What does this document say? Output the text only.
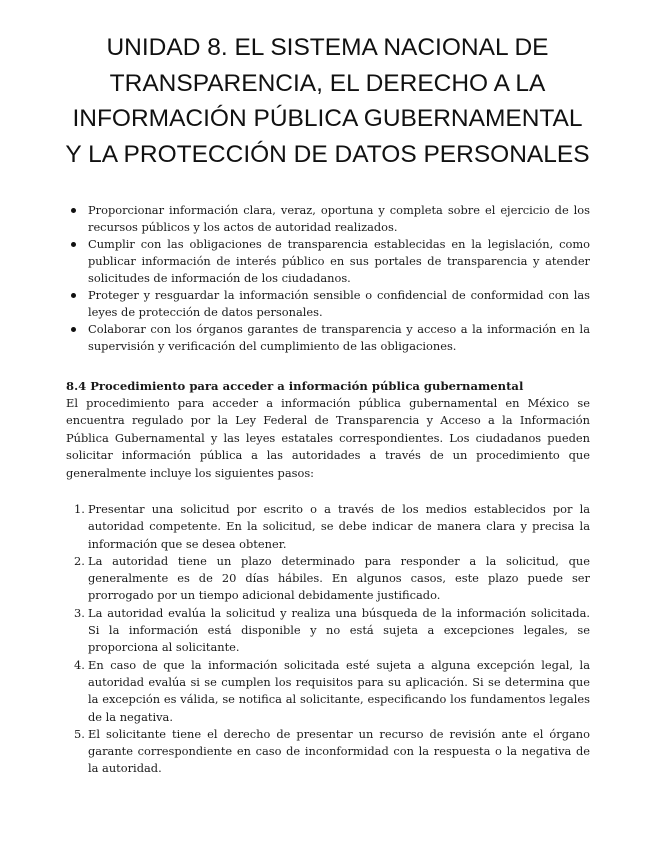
UNIDAD 8. EL SISTEMA NACIONAL DE
TRANSPARENCIA, EL DERECHO A LA
INFORMACIÓN PÚBLICA GUBERNAMENTAL
Y LA PROTECCIÓN DE DATOS PERSONALES
Proporcionar información clara, veraz, oportuna y completa sobre el ejercicio de los recursos públicos y los actos de autoridad realizados.
Cumplir con las obligaciones de transparencia establecidas en la legislación, como publicar información de interés público en sus portales de transparencia y atender solicitudes de información de los ciudadanos.
Proteger y resguardar la información sensible o confidencial de conformidad con las leyes de protección de datos personales.
Colaborar con los órganos garantes de transparencia y acceso a la información en la supervisión y verificación del cumplimiento de las obligaciones.
8.4 Procedimiento para acceder a información pública gubernamental

El procedimiento para acceder a información pública gubernamental en México se encuentra regulado por la Ley Federal de Transparencia y Acceso a la Información Pública Gubernamental y las leyes estatales correspondientes. Los ciudadanos pueden solicitar información pública a las autoridades a través de un procedimiento que generalmente incluye los siguientes pasos:

1. Presentar una solicitud por escrito o a través de los medios establecidos por la autoridad competente. En la solicitud, se debe indicar de manera clara y precisa la información que se desea obtener.
2. La autoridad tiene un plazo determinado para responder a la solicitud, que generalmente es de 20 días hábiles. En algunos casos, este plazo puede ser prorrogado por un tiempo adicional debidamente justificado.
3. La autoridad evalúa la solicitud y realiza una búsqueda de la información solicitada. Si la información está disponible y no está sujeta a excepciones legales, se proporciona al solicitante.
4. En caso de que la información solicitada esté sujeta a alguna excepción legal, la autoridad evalúa si se cumplen los requisitos para su aplicación. Si se determina que la excepción es válida, se notifica al solicitante, especificando los fundamentos legales de la negativa.
5. El solicitante tiene el derecho de presentar un recurso de revisión ante el órgano garante correspondiente en caso de inconformidad con la respuesta o la negativa de la autoridad.
